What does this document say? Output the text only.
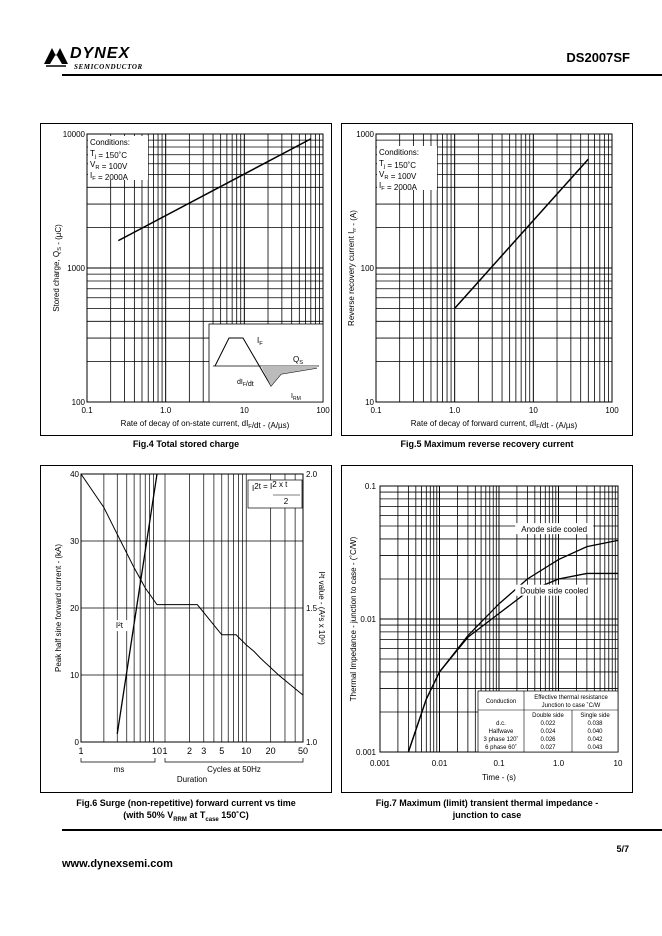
DYNEX
SEMICONDUCTOR
DS2007SF
Conditions:
$T_j$ = 150˚C
$V_R = 100V$
$I_F = 2000A$
$I_F$
$Q_S$
$dI_F/dt$
$I_{RM}$
0.1	1.0	10	100
100
1000
10000
Rate of decay of on-state current, $dI_F/dt - (A/\mu s)$
Stored charge, $Q_S - (\mu C)$
Fig.4 Total stored charge
Conditions:
$T_j$ = 150˚C
$V_R = 100V$
$I_F = 2000A$
0.1	1.0	10	100
10
100
1000
Rate of decay of forward current, $dI_F/dt - (A/\mu s)$
Reverse recovery current $I_{rr} - (A)$
Fig.5 Maximum reverse recovery current
I2t = I2 x t
2
I²t
0
10
20
30
40
1.0
1.5
2.0
1	10 1 2 3 5 10 20 50
ms	Cycles at 50Hz
Duration
Peak half sine forward current - (kA)	I²t value - (A²s x 10⁶)
Fig.6 Surge (non-repetitive) forward current vs time
(with 50% $V_{RRM}$ at $T_{case}$ 150˚C)
Anode side cooled
Double side cooled
Conduction
Effective thermal resistance
Junction to case ˚C/W
Double side	Single side
d.c.	0.022	0.038
Halfwave	0.024	0.040
3 phase 120˚	0.026	0.042
6 phase 60˚	0.027	0.043
0.001	0.01	0.1	1.0	10
0.001
0.01
0.1
Time - (s)
Thermal Impedance - junction to case - (˚C/W)
Fig.7 Maximum (limit) transient thermal impedance -
junction to case
5/7
www.dynexsemi.com
